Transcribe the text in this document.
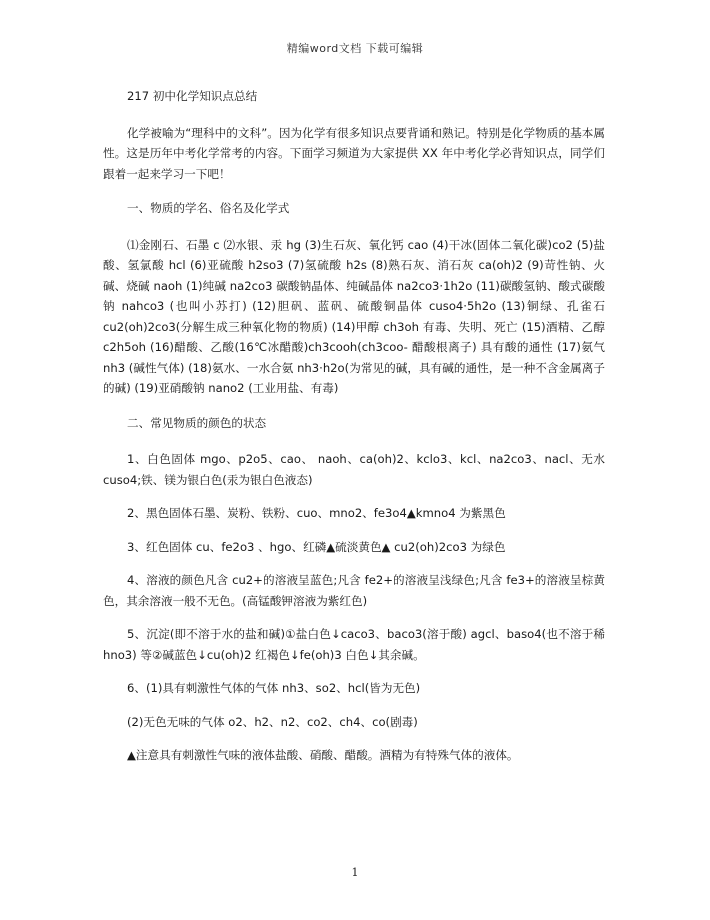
精编word文档 下载可编辑

217 初中化学知识点总结

化学被喻为“理科中的文科”。因为化学有很多知识点要背诵和熟记。特别是化学物质的基本属性。这是历年中考化学常考的内容。下面学习频道为大家提供 XX 年中考化学必背知识点，同学们跟着一起来学习一下吧！

一、物质的学名、俗名及化学式

⑴金刚石、石墨 c ⑵水银、汞 hg (3)生石灰、氧化钙 cao (4)干冰(固体二氧化碳)co2 (5)盐酸、氢氯酸 hcl (6)亚硫酸 h2so3 (7)氢硫酸 h2s (8)熟石灰、消石灰 ca(oh)2 (9)苛性钠、火碱、烧碱 naoh (1)纯碱 na2co3 碳酸钠晶体、纯碱晶体 na2co3·1h2o (11)碳酸氢钠、酸式碳酸钠 nahco3 (也叫小苏打) (12)胆矾、蓝矾、硫酸铜晶体 cuso4·5h2o (13)铜绿、孔雀石 cu2(oh)2co3(分解生成三种氧化物的物质) (14)甲醇 ch3oh 有毒、失明、死亡 (15)酒精、乙醇 c2h5oh (16)醋酸、乙酸(16℃冰醋酸)ch3cooh(ch3coo- 醋酸根离子) 具有酸的通性 (17)氨气 nh3 (碱性气体) (18)氨水、一水合氨 nh3·h2o(为常见的碱，具有碱的通性，是一种不含金属离子的碱) (19)亚硝酸钠 nano2 (工业用盐、有毒)

二、常见物质的颜色的状态

1、白色固体 mgo、p2o5、cao、 naoh、ca(oh)2、kclo3、kcl、na2co3、nacl、无水 cuso4;铁、镁为银白色(汞为银白色液态)

2、黑色固体石墨、炭粉、铁粉、cuo、mno2、fe3o4▲kmno4 为紫黑色

3、红色固体 cu、fe2o3 、hgo、红磷▲硫淡黄色▲ cu2(oh)2co3 为绿色

4、溶液的颜色凡含 cu2+的溶液呈蓝色;凡含 fe2+的溶液呈浅绿色;凡含 fe3+的溶液呈棕黄色，其余溶液一般不无色。(高锰酸钾溶液为紫红色)

5、沉淀(即不溶于水的盐和碱)①盐白色↓caco3、baco3(溶于酸) agcl、baso4(也不溶于稀 hno3) 等②碱蓝色↓cu(oh)2 红褐色↓fe(oh)3 白色↓其余碱。

6、(1)具有刺激性气体的气体 nh3、so2、hcl(皆为无色)

(2)无色无味的气体 o2、h2、n2、co2、ch4、co(剧毒)

▲注意具有刺激性气味的液体盐酸、硝酸、醋酸。酒精为有特殊气体的液体。

1
